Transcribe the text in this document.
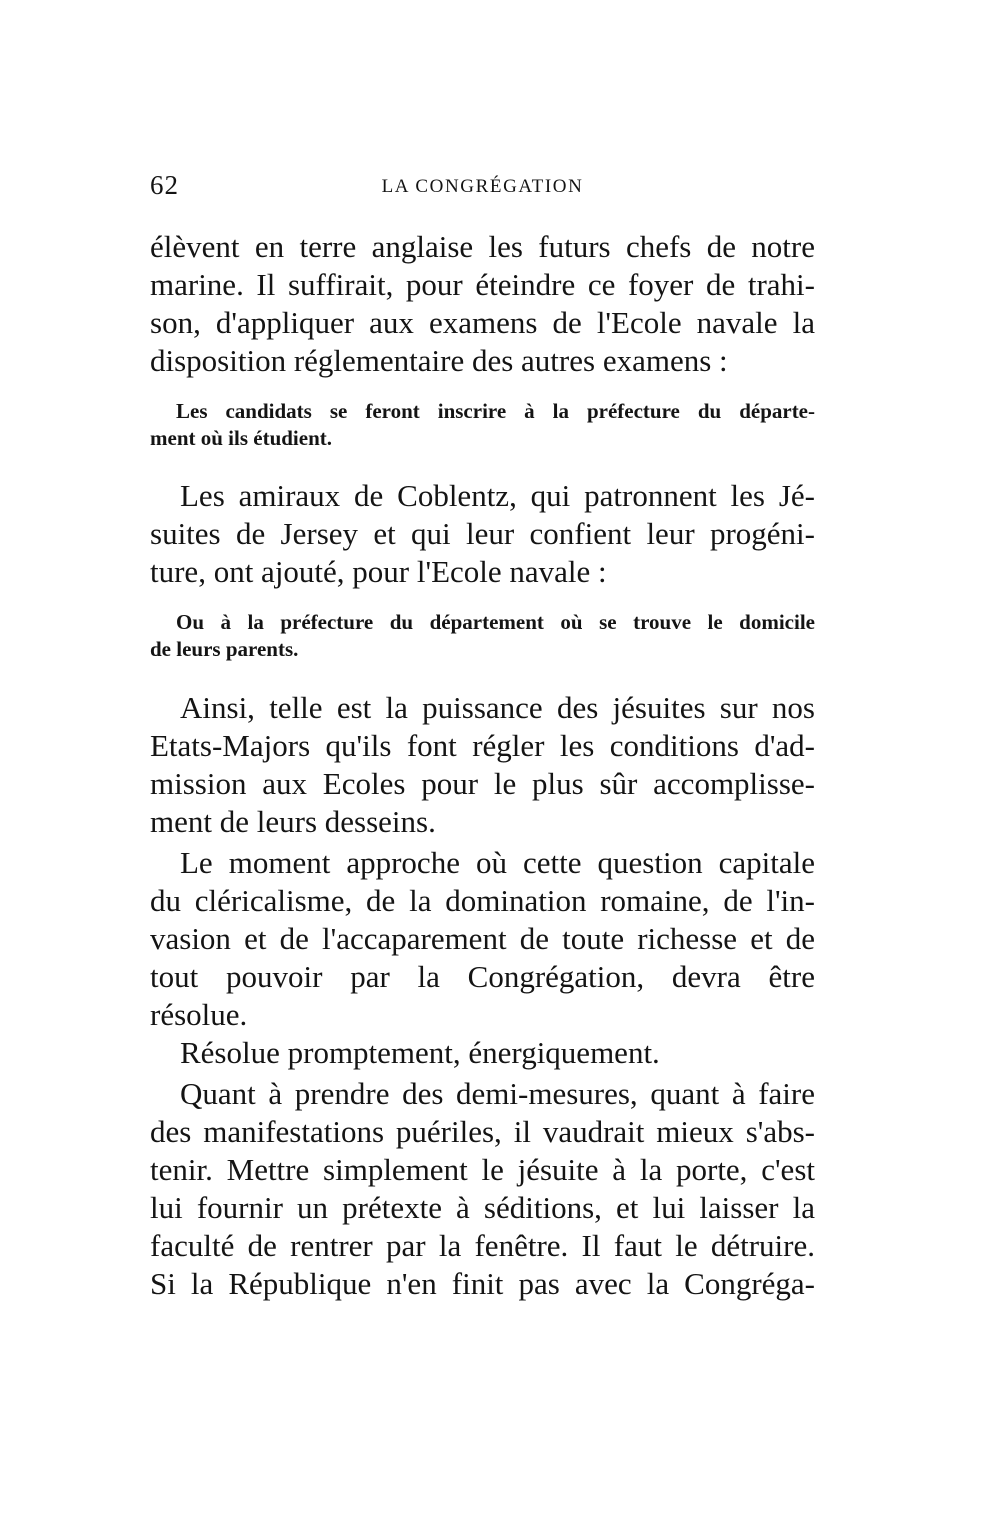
62	LA CONGRÉGATION
élèvent en terre anglaise les futurs chefs de notre
marine. Il suffirait, pour éteindre ce foyer de trahi-
son, d'appliquer aux examens de l'Ecole navale la
disposition réglementaire des autres examens :
Les candidats se feront inscrire à la préfecture du départe-
ment où ils étudient.
Les amiraux de Coblentz, qui patronnent les Jé-
suites de Jersey et qui leur confient leur progéni-
ture, ont ajouté, pour l'Ecole navale :
Ou à la préfecture du département où se trouve le domicile
de leurs parents.
Ainsi, telle est la puissance des jésuites sur nos
Etats-Majors qu'ils font régler les conditions d'ad-
mission aux Ecoles pour le plus sûr accomplisse-
ment de leurs desseins.
Le moment approche où cette question capitale
du cléricalisme, de la domination romaine, de l'in-
vasion et de l'accaparement de toute richesse et de
tout pouvoir par la Congrégation, devra être
résolue.
Résolue promptement, énergiquement.
Quant à prendre des demi-mesures, quant à faire
des manifestations puériles, il vaudrait mieux s'abs-
tenir. Mettre simplement le jésuite à la porte, c'est
lui fournir un prétexte à séditions, et lui laisser la
faculté de rentrer par la fenêtre. Il faut le détruire.
Si la République n'en finit pas avec la Congréga-
